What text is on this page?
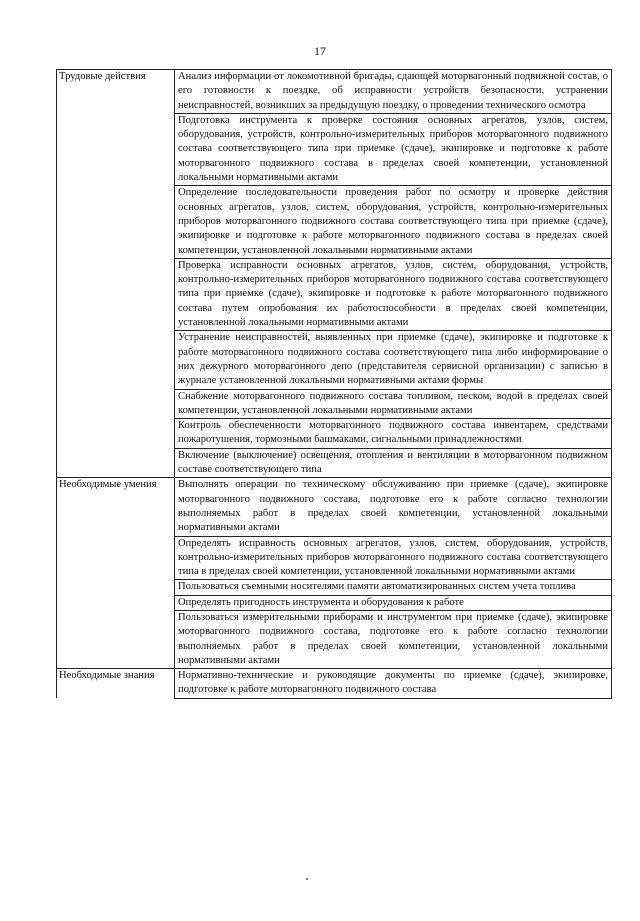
17
Трудовые действия	Анализ информации от локомотивной бригады, сдающей моторвагонный подвижной состав, о его готовности к поездке, об исправности устройств безопасности, устранении неисправностей, возникших за предыдущую поездку, о проведении технического осмотра
	Подготовка инструмента к проверке состояния основных агрегатов, узлов, систем, оборудования, устройств, контрольно-измерительных приборов моторвагонного подвижного состава соответствующего типа при приемке (сдаче), экипировке и подготовке к работе моторвагонного подвижного состава в пределах своей компетенции, установленной локальными нормативными актами
	Определение последовательности проведения работ по осмотру и проверке действия основных агрегатов, узлов, систем, оборудования, устройств, контрольно-измерительных приборов моторвагонного подвижного состава соответствующего типа при приемке (сдаче), экипировке и подготовке к работе моторвагонного подвижного состава в пределах своей компетенции, установленной локальными нормативными актами
	Проверка исправности основных агрегатов, узлов, систем, оборудования, устройств, контрольно-измерительных приборов моторвагонного подвижного состава соответствующего типа при приемке (сдаче), экипировке и подготовке к работе моторвагонного подвижного состава путем опробования их работоспособности в пределах своей компетенции, установленной локальными нормативными актами
	Устранение неисправностей, выявленных при приемке (сдаче), экипировке и подготовке к работе моторвагонного подвижного состава соответствующего типа либо информирование о них дежурного моторвагонного депо (представителя сервисной организации) с записью в журнале установленной локальными нормативными актами формы
	Снабжение моторвагонного подвижного состава топливом, песком, водой в пределах своей компетенции, установленной локальными нормативными актами
	Контроль обеспеченности моторвагонного подвижного состава инвентарем, средствами пожаротушения, тормозными башмаками, сигнальными принадлежностями
	Включение (выключение) освещения, отопления и вентиляции в моторвагонном подвижном составе соответствующего типа
Необходимые умения	Выполнять операции по техническому обслуживанию при приемке (сдаче), экипировке моторвагонного подвижного состава, подготовке его к работе согласно технологии выполняемых работ в пределах своей компетенции, установленной локальными нормативными актами
	Определять исправность основных агрегатов, узлов, систем, оборудования, устройств, контрольно-измерительных приборов моторвагонного подвижного состава соответствующего типа в пределах своей компетенции, установленной локальными нормативными актами
	Пользоваться съемными носителями памяти автоматизированных систем учета топлива
	Определять пригодность инструмента и оборудования к работе
	Пользоваться измерительными приборами и инструментом при приемке (сдаче), экипировке моторвагонного подвижного состава, подготовке его к работе согласно технологии выполняемых работ в пределах своей компетенции, установленной локальными нормативными актами
Необходимые знания	Нормативно-технические и руководящие документы по приемке (сдаче), экипировке, подготовке к работе моторвагонного подвижного состава
